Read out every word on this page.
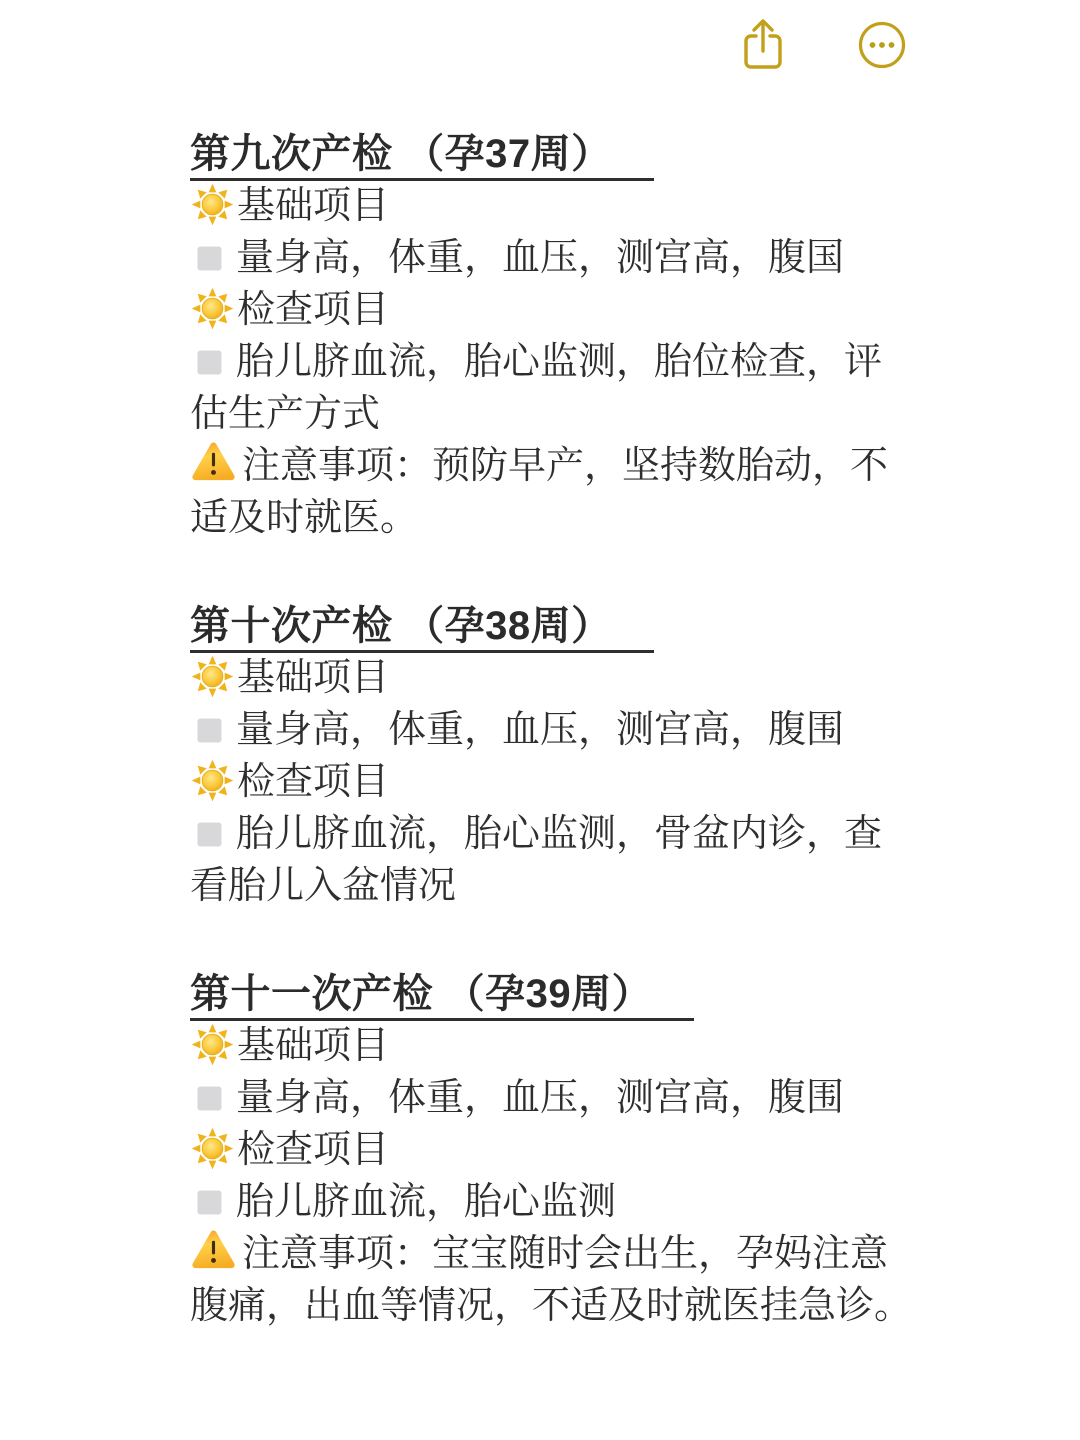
第九次产检 （孕37周）

基础项目

量身高，体重，血压，测宫高，腹国

检查项目

胎儿脐血流，胎心监测，胎位检查，评
估生产方式

注意事项：预防早产，坚持数胎动，不
适及时就医。

第十次产检 （孕38周）

基础项目

量身高，体重，血压，测宫高，腹围

检查项目

胎儿脐血流，胎心监测，骨盆内诊，查
看胎儿入盆情况

第十一次产检 （孕39周）

基础项目

量身高，体重，血压，测宫高，腹围

检查项目

胎儿脐血流，胎心监测

注意事项：宝宝随时会出生，孕妈注意
腹痛，出血等情况，不适及时就医挂急诊。
